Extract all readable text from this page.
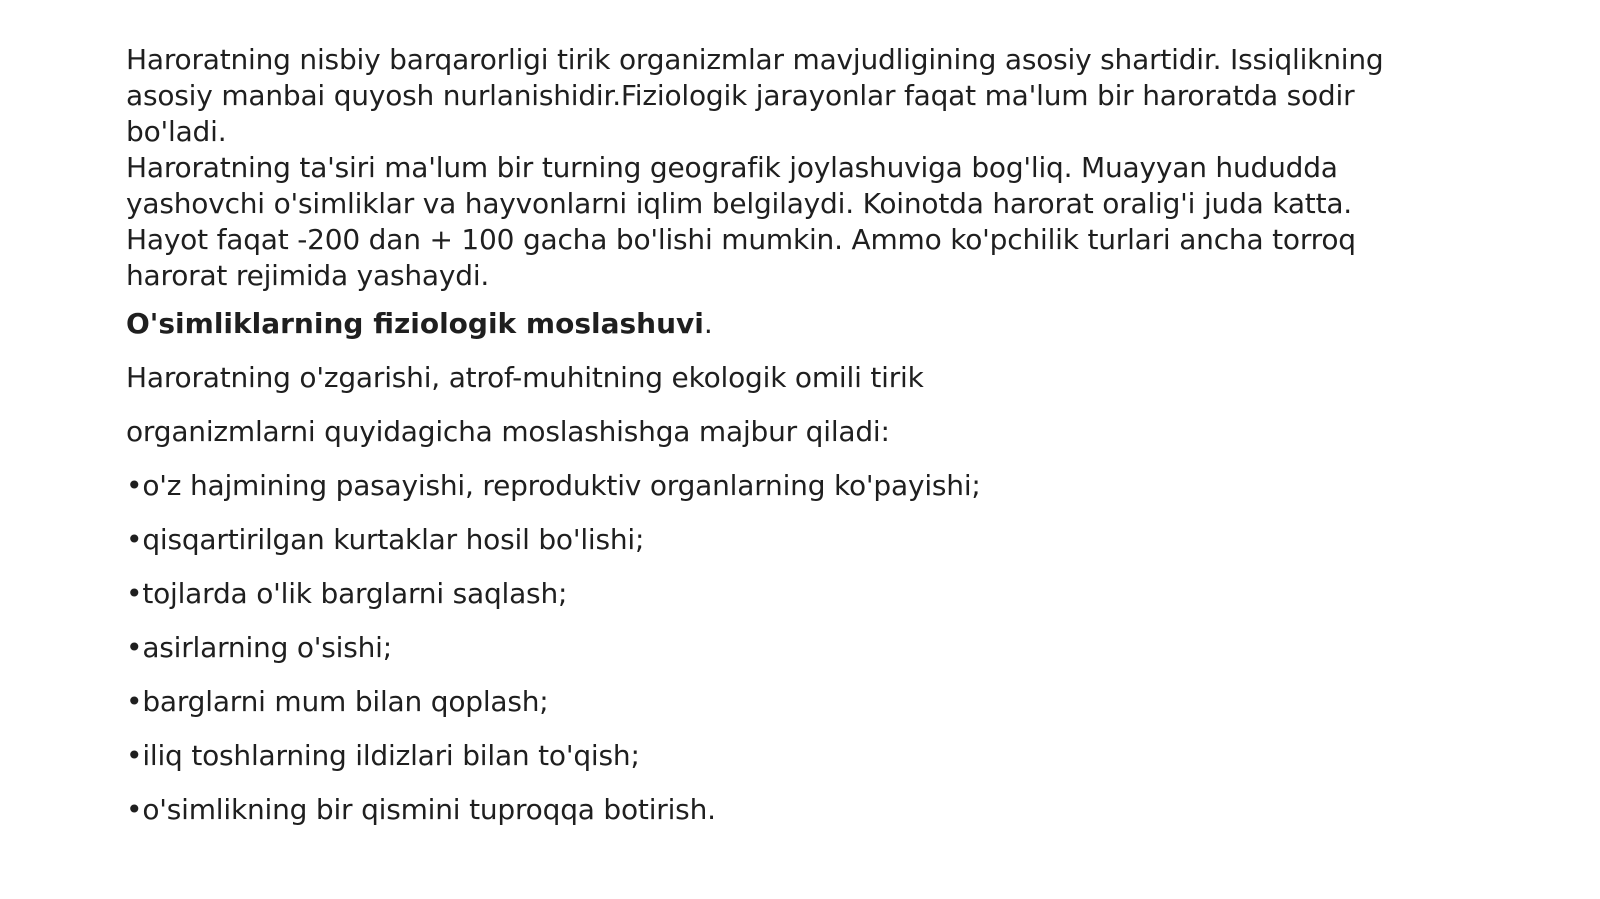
Haroratning nisbiy barqarorligi tirik organizmlar mavjudligining asosiy shartidir. Issiqlikning asosiy manbai quyosh nurlanishidir.Fiziologik jarayonlar faqat ma'lum bir haroratda sodir bo'ladi.

Haroratning ta'siri ma'lum bir turning geografik joylashuviga bog'liq. Muayyan hududda yashovchi o'simliklar va hayvonlarni iqlim belgilaydi. Koinotda harorat oralig'i juda katta. Hayot faqat -200 dan + 100 gacha bo'lishi mumkin. Ammo ko'pchilik turlari ancha torroq harorat rejimida yashaydi.

O'simliklarning fiziologik moslashuvi.

Haroratning o'zgarishi, atrof-muhitning ekologik omili tirik

organizmlarni quyidagicha moslashishga majbur qiladi:

•o'z hajmining pasayishi, reproduktiv organlarning ko'payishi;
•qisqartirilgan kurtaklar hosil bo'lishi;
•tojlarda o'lik barglarni saqlash;
•asirlarning o'sishi;
•barglarni mum bilan qoplash;
•iliq toshlarning ildizlari bilan to'qish;
•o'simlikning bir qismini tuproqqa botirish.
